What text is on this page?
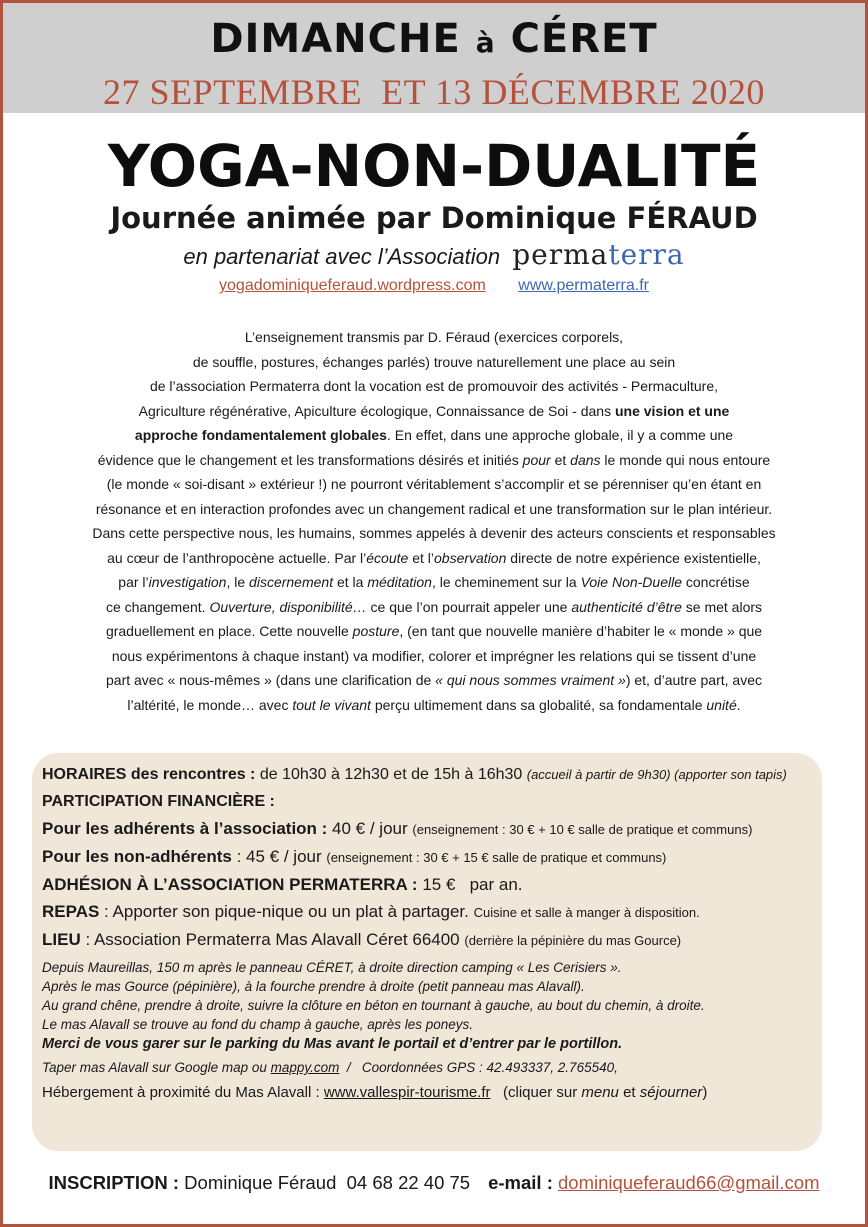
DIMANCHE à CÉRET
27 SEPTEMBRE  ET 13 DÉCEMBRE 2020
YOGA-NON-DUALITÉ
Journée animée par Dominique FÉRAUD
en partenariat avec l’Association permaterra
yogadominiqueferaud.wordpress.com www.permaterra.fr
L’enseignement transmis par D. Féraud (exercices corporels,
de souffle, postures, échanges parlés) trouve naturellement une place au sein
de l’association Permaterra dont la vocation est de promouvoir des activités - Permaculture,
Agriculture régénérative, Apiculture écologique, Connaissance de Soi - dans une vision et une
approche fondamentalement globales. En effet, dans une approche globale, il y a comme une
évidence que le changement et les transformations désirés et initiés pour et dans le monde qui nous entoure
(le monde « soi-disant » extérieur !) ne pourront véritablement s’accomplir et se pérenniser qu’en étant en
résonance et en interaction profondes avec un changement radical et une transformation sur le plan intérieur.
Dans cette perspective nous, les humains, sommes appelés à devenir des acteurs conscients et responsables
au cœur de l’anthropocène actuelle. Par l’écoute et l’observation directe de notre expérience existentielle,
par l’investigation, le discernement et la méditation, le cheminement sur la Voie Non-Duelle concrétise
ce changement. Ouverture, disponibilité… ce que l’on pourrait appeler une authenticité d’être se met alors
graduellement en place. Cette nouvelle posture, (en tant que nouvelle manière d’habiter le « monde » que
nous expérimentons à chaque instant) va modifier, colorer et imprégner les relations qui se tissent d’une
part avec « nous-mêmes » (dans une clarification de « qui nous sommes vraiment ») et, d’autre part, avec
l’altérité, le monde… avec tout le vivant perçu ultimement dans sa globalité, sa fondamentale unité.
HORAIRES des rencontres : de 10h30 à 12h30 et de 15h à 16h30 (accueil à partir de 9h30) (apporter son tapis)
PARTICIPATION FINANCIÈRE :
Pour les adhérents à l’association : 40 € / jour (enseignement : 30 € + 10 € salle de pratique et communs)
Pour les non-adhérents : 45 € / jour (enseignement : 30 € + 15 € salle de pratique et communs)
ADHÉSION À L’ASSOCIATION PERMATERRA : 15 €   par an.
REPAS : Apporter son pique-nique ou un plat à partager. Cuisine et salle à manger à disposition.
LIEU : Association Permaterra Mas Alavall Céret 66400 (derrière la pépinière du mas Gource)
Depuis Maureillas, 150 m après le panneau CÉRET, à droite direction camping « Les Cerisiers ».
Après le mas Gource (pépinière), à la fourche prendre à droite (petit panneau mas Alavall).
Au grand chêne, prendre à droite, suivre la clôture en béton en tournant à gauche, au bout du chemin, à droite.
Le mas Alavall se trouve au fond du champ à gauche, après les poneys.
Merci de vous garer sur le parking du Mas avant le portail et d’entrer par le portillon.
Taper mas Alavall sur Google map ou mappy.com  /   Coordonnées GPS : 42.493337, 2.765540,
Hébergement à proximité du Mas Alavall : www.vallespir-tourisme.fr   (cliquer sur menu et séjourner)
INSCRIPTION : Dominique Féraud  04 68 22 40 75 e-mail : dominiqueferaud66@gmail.com
